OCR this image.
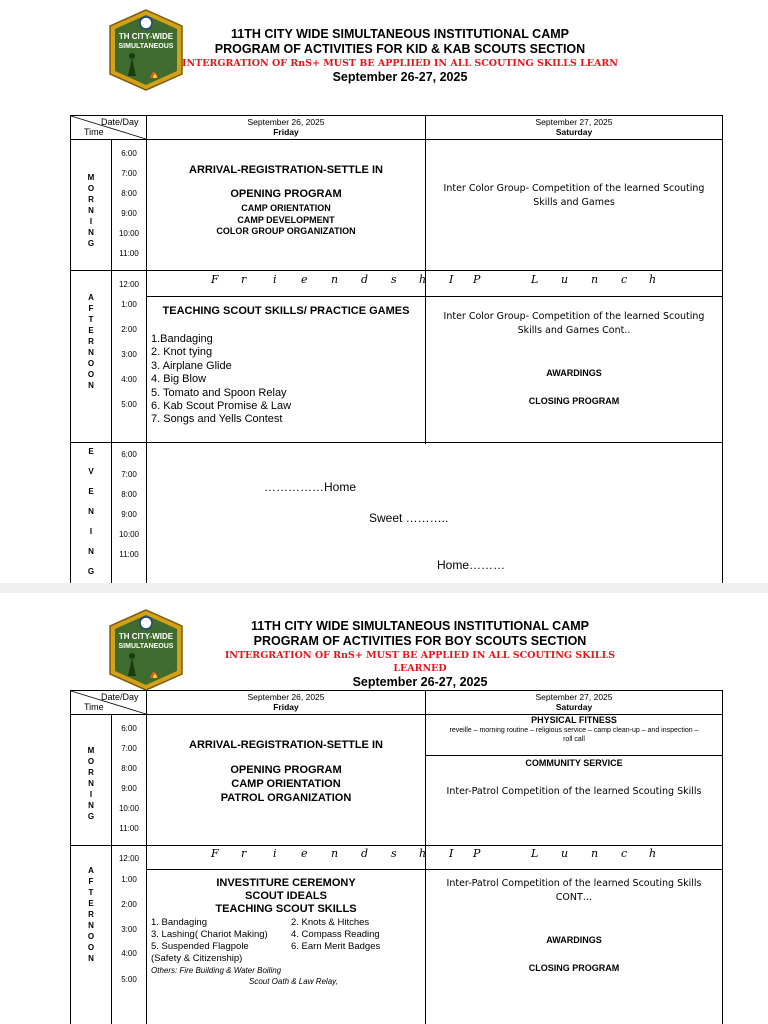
TH CITY-WIDE
SIMULTANEOUS
11TH CITY WIDE SIMULTANEOUS INSTITUTIONAL CAMP
PROGRAM OF ACTIVITIES FOR KID & KAB SCOUTS SECTION
INTERGRATION OF RnS+ MUST BE APPLIIED IN ALL SCOUTING SKILLS LEARN
September 26-27, 2025
Date/Day
Time
September 26, 2025
Friday
September 27, 2025
Saturday
M
O
R
N
I
N
G
6:00
7:00
8:00
9:00
10:00
11:00
ARRIVAL-REGISTRATION-SETTLE IN
OPENING PROGRAM
CAMP ORIENTATION
CAMP DEVELOPMENT
COLOR GROUP ORGANIZATION
Inter Color Group- Competition of the learned Scouting
Skills and Games
A
F
T
E
R
N
O
O
N
12:00
1:00
2:00
3:00
4:00
5:00
F r i e n d s h I P	L u n c h
TEACHING SCOUT SKILLS/ PRACTICE GAMES
1.Bandaging
2. Knot tying
3. Airplane Glide
4. Big Blow
5. Tomato and Spoon Relay
6. Kab Scout Promise & Law
7. Songs and Yells Contest
Inter Color Group- Competition of the learned Scouting
Skills and Games Cont..
AWARDINGS
CLOSING PROGRAM
E
V
E
N
I
N
G
6:00
7:00
8:00
9:00
10:00
11:00
……………Home
Sweet ………..
Home………
TH CITY-WIDE
SIMULTANEOUS
11TH CITY WIDE SIMULTANEOUS INSTITUTIONAL CAMP
PROGRAM OF ACTIVITIES FOR BOY SCOUTS SECTION
INTERGRATION OF RnS+ MUST BE APPLIED IN ALL SCOUTING SKILLS LEARNED
September 26-27, 2025
Date/Day
Time
September 26, 2025
Friday
September 27, 2025
Saturday
M
O
R
N
I
N
G
6:00
7:00
8:00
9:00
10:00
11:00
ARRIVAL-REGISTRATION-SETTLE IN
OPENING PROGRAM
CAMP ORIENTATION
PATROL ORGANIZATION
PHYSICAL FITNESS
reveille – morning routine – religious service – camp clean-up – and inspection –
roll call
COMMUNITY SERVICE
Inter-Patrol Competition of the learned Scouting Skills
A
F
T
E
R
N
O
O
N
12:00
1:00
2:00
3:00
4:00
5:00
F r i e n d s h I P	L u n c h
INVESTITURE CEREMONY
SCOUT IDEALS
TEACHING SCOUT SKILLS
1. Bandaging
3. Lashing( Chariot Making)
5. Suspended Flagpole
(Safety & Citizenship)
2. Knots & Hitches
4. Compass Reading
6. Earn Merit Badges
Others: Fire Building & Water Boiling
Scout Oath & Law Relay,
Inter-Patrol Competition of the learned Scouting Skills
CONT…
AWARDINGS
CLOSING PROGRAM
